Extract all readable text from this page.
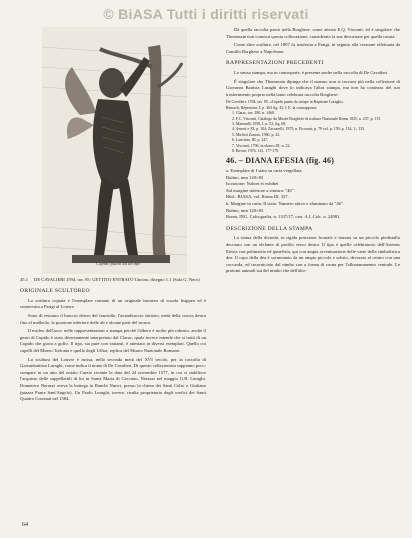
© BiASA Tutti i diritti riservati
Cupido punto da un'ape
45.1 DE CAVALIERI 1594, tav. 85: GETTITO ENTRATO Uncino, disegno 1.1 (Sala G. Nero)
ORIGINALE SCULTOREO

La scultura copiata e l'esemplare romano di un originale bronzeo di scuola lisippea ed è conservata a Parigi al Louvre.

Sono di restauro il braccio destro del fanciullo, l'avambraccio sinistro, metà della coscia destra fino al malleolo, la porzione inferiore delle ali e alcune parti del tronco.

Il nucleo dell'arco: nelle rappresentazioni a stampa perché l'albero è molto più robusto, anche il gesto di Cupido è stato diversamente interpretato dal Clarac, quale invece intende che si tratti di un Cupido che gioca a golfo. Il tipo, sia pure con varianti, è attestato in diversi esemplari. Quello coi capelli del Museo Torlonia e quello degli Uffizi, replica del Museo Nazionale Romano.

La scultura del Louvre è incisa, nella seconda metà del XVI secolo, per la raccolta di Giovanbattista Luraghi, come indica il nome di De Cavalieri. Di questo collezionista sappiamo poco: compare in un atto del notaio Curzio recante la data del 24 novembre 1577, in cui si stabilisce l'acquisto delle suppellettili di lui in Santa Maria di Cacciato, Nerazzi nel maggio G.B. Luraghi. Domenico Nerazzi aveva la bottega in Banchi Nuovi, presso la chiesa dei Santi Celso e Giuliano (piazza Ponte Sant'Angelo). Un Paolo Luraghi, invece, risulta proprietario degli orefici dei Santi Quattro Coronati nel 1584.

Da quella raccolta passò nella Borghese, come attesta E.Q. Visconti, ed è singolare che Thomassin non conosca questa collocazione, considerato la sua devozione per quella casata.

Come altre sculture, nel 1807 fu trasferita a Parigi, in seguito alla cessione effettuata da Camillo Borghese a Napoleone.

RAPPRESENTAZIONI PRECEDENTI

La stessa stampa, ma in controparte, è presente anche nella raccolta di De Cavalieri.

È singolare che Thomassin dipinga che il marmo non si trovava più nella collezione di Giovanni Battista Luraghi dove lo indicava l'altra stampa, ma non ha contezza del suo trasferimento proprio nella tanto celebrata raccolta Borghese.

De Cavalieri, 1594, tav. 85: «Cupido punto da un'ape in Baptistae Luraghi».

Reinach, Répertoire, I, p. 363 fig. 45.1; E. la contrapposta:

1. Clarac, tav. 280, n. 1460.

2. F.C. Visconti, Catalogo du Musée Borghèse di sculture Nazionale Roma 1825, n. 237, p. 115.

3. Mansuelli 1958, I, n. 52, fig. 68.

4. Aenesi e XI, p. 104; Zaccarelli, 1975, n. Ficoroni, p. 79 vol. p. 150: p. 134, 1.; 135.

5. Mirletti Zanoni, 1960, p. 22.

6. Lancinio, III, p. 247.

7. Visconti, 1796, in elenco IX, n. 22.

8. Bevan, 1976, 141, 177-179.

46. – DIANA EFESIA (fig. 46)

a. Esemplare di I stato su carta vergellata.

Bulino, mm 120×83

Iscrizione: Nohret et exhibet

Sul margine inferiore a sinistra: "46".

Bibl.: BIASA, vol. Roma III, 337.

b. Margine in carta: II stato. Numero attivo e aluminato da "46".

Bulino, mm 120×85.

Roma, ING. Calcografia, n. 1337/17, cart. A.I. Calc. n. 24981.

DESCRIZIONE DELLA STAMPA

La statua della divinità, in rigida posizione frontale e inusata su un piccolo piedistallo decorato con un elefante di profilo verso destra. Il tipo è quello celebratorio dell'Artemis Efesia con polimastìa ed ipmefisìa, qui con ampia accentuazione delle varie della simbolistica dea. Il capo della dea è sormontato da un ampio piccolo e sobrio, decorato al centro con una coccarda, ed incorniciato dal nimbo con a forma di corna per l'allontanamento centrale. Le protomi animali sui del nimbo che dell'alto-

64
